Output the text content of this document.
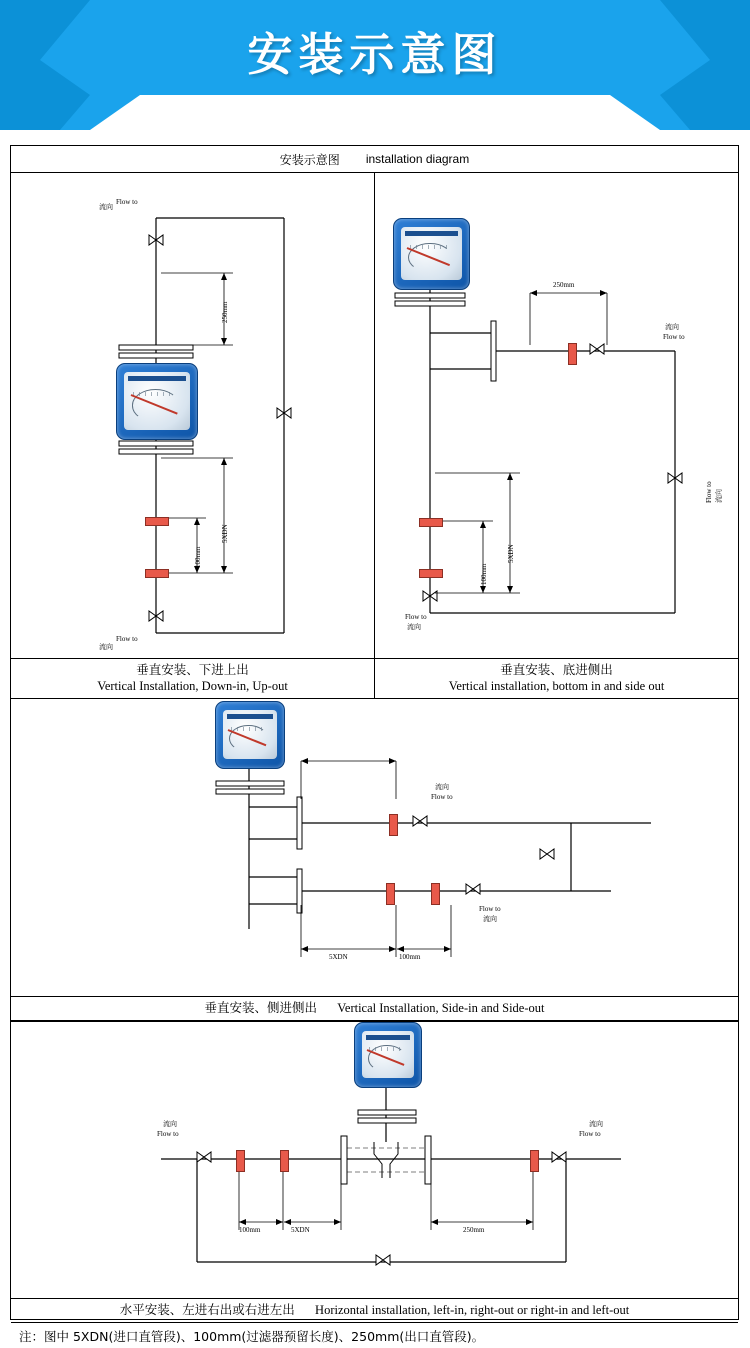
安装示意图
安装示意图 installation diagram
流向
Flow to
流向
Flow to
250mm
5XDN
100mm
垂直安装、下进上出
Vertical Installation, Down-in, Up-out
流向
Flow to
Flow to 流向
Flow to
流向
250mm
5XDN
100mm
垂直安装、底进侧出
Vertical installation, bottom in and side out
流向
Flow to
Flow to
流向
5XDN	100mm
垂直安装、侧进侧出 Vertical Installation, Side-in and Side-out
流向
Flow to
流向
Flow to
100mm	5XDN	250mm
水平安装、左进右出或右进左出 Horizontal installation, left-in, right-out or right-in and left-out
注：图中 5XDN(进口直管段)、100mm(过滤器预留长度)、250mm(出口直管段)。
